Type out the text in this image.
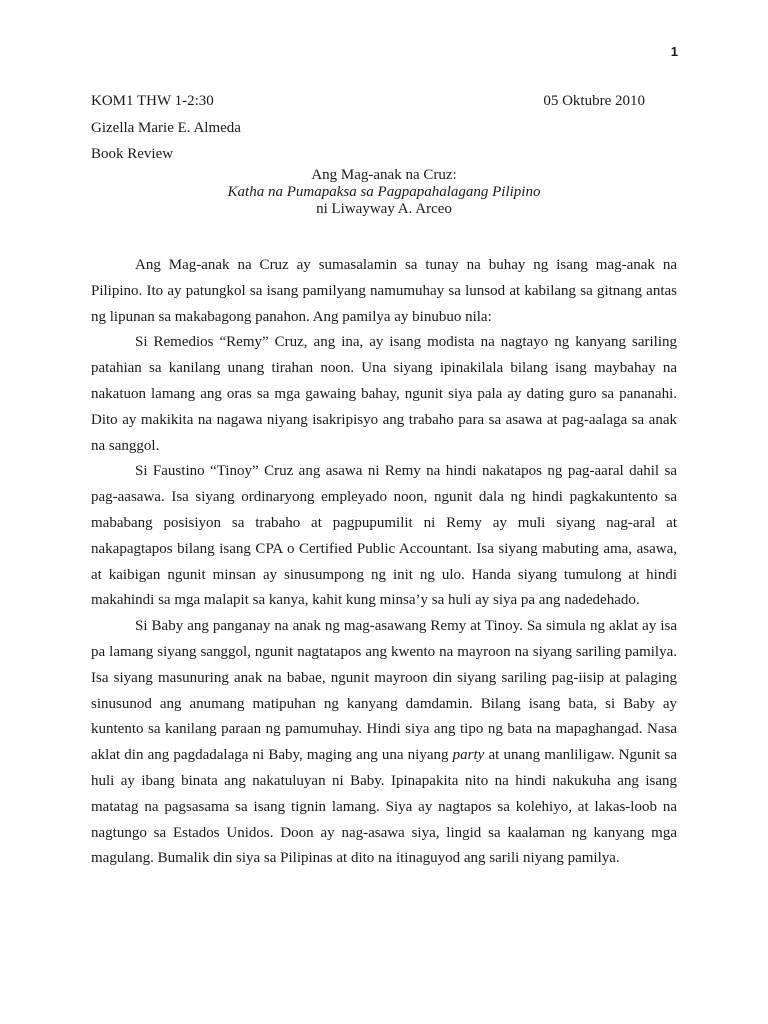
1
KOM1 THW 1-2:30	05 Oktubre 2010
Gizella Marie E. Almeda
Book Review
Ang Mag-anak na Cruz:
Katha na Pumapaksa sa Pagpapahalagang Pilipino
ni Liwayway A. Arceo

Ang Mag-anak na Cruz ay sumasalamin sa tunay na buhay ng isang mag-anak na Pilipino. Ito ay patungkol sa isang pamilyang namumuhay sa lunsod at kabilang sa gitnang antas ng lipunan sa makabagong panahon. Ang pamilya ay binubuo nila:

Si Remedios “Remy” Cruz, ang ina, ay isang modista na nagtayo ng kanyang sariling patahian sa kanilang unang tirahan noon. Una siyang ipinakilala bilang isang maybahay na nakatuon lamang ang oras sa mga gawaing bahay, ngunit siya pala ay dating guro sa pananahi. Dito ay makikita na nagawa niyang isakripisyo ang trabaho para sa asawa at pag-aalaga sa anak na sanggol.

Si Faustino “Tinoy” Cruz ang asawa ni Remy na hindi nakatapos ng pag-aaral dahil sa pag-aasawa. Isa siyang ordinaryong empleyado noon, ngunit dala ng hindi pagkakuntento sa mababang posisiyon sa trabaho at pagpupumilit ni Remy ay muli siyang nag-aral at nakapagtapos bilang isang CPA o Certified Public Accountant. Isa siyang mabuting ama, asawa, at kaibigan ngunit minsan ay sinusumpong ng init ng ulo. Handa siyang tumulong at hindi makahindi sa mga malapit sa kanya, kahit kung minsa’y sa huli ay siya pa ang nadedehado.

Si Baby ang panganay na anak ng mag-asawang Remy at Tinoy. Sa simula ng aklat ay isa pa lamang siyang sanggol, ngunit nagtatapos ang kwento na mayroon na siyang sariling pamilya. Isa siyang masunuring anak na babae, ngunit mayroon din siyang sariling pag-iisip at palaging sinusunod ang anumang matipuhan ng kanyang damdamin. Bilang isang bata, si Baby ay kuntento sa kanilang paraan ng pamumuhay. Hindi siya ang tipo ng bata na mapaghangad. Nasa aklat din ang pagdadalaga ni Baby, maging ang una niyang party at unang manliligaw. Ngunit sa huli ay ibang binata ang nakatuluyan ni Baby. Ipinapakita nito na hindi nakukuha ang isang matatag na pagsasama sa isang tignin lamang. Siya ay nagtapos sa kolehiyo, at lakas-loob na nagtungo sa Estados Unidos. Doon ay nag-asawa siya, lingid sa kaalaman ng kanyang mga magulang. Bumalik din siya sa Pilipinas at dito na itinaguyod ang sarili niyang pamilya.
